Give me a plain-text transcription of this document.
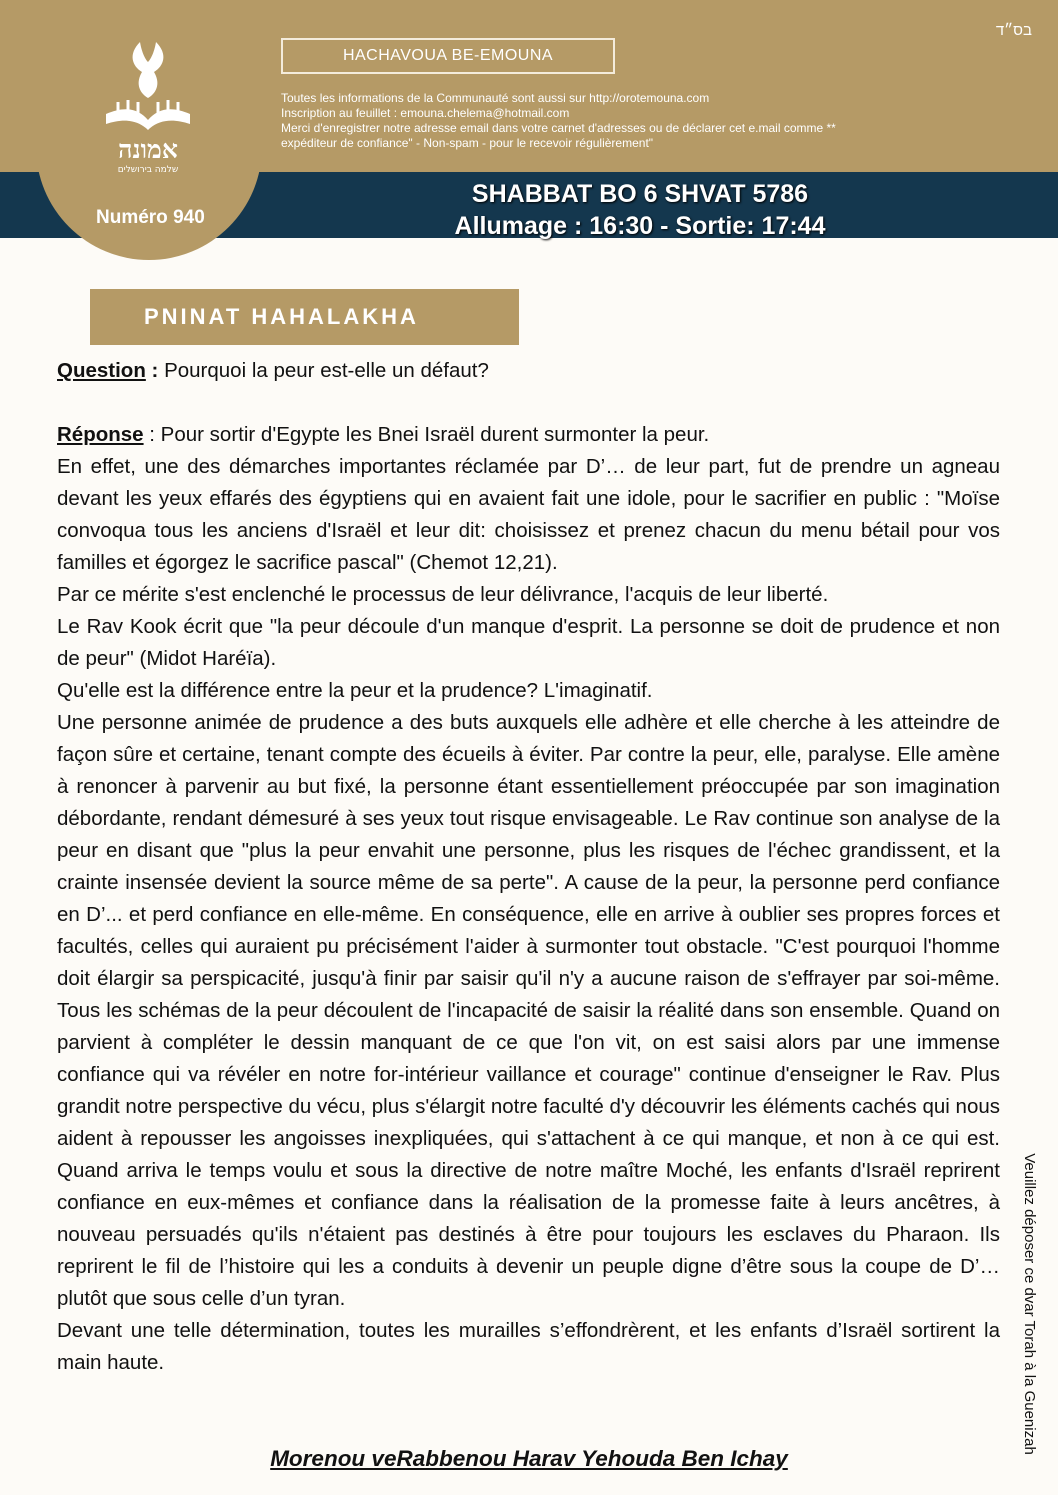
אמונה
שלמה בירושלים
Numéro 940
בס״ד
HACHAVOUA BE-EMOUNA
Toutes les informations de la Communauté sont aussi sur http://orotemouna.com
Inscription au feuillet : emouna.chelema@hotmail.com
Merci d'enregistrer notre adresse email dans votre carnet d'adresses ou de déclarer cet e.mail comme **
expéditeur de confiance" - Non-spam - pour le recevoir régulièrement"
SHABBAT BO 6 SHVAT 5786
Allumage : 16:30 - Sortie: 17:44
PNINAT HAHALAKHA

Question : Pourquoi la peur est-elle un défaut?

Réponse : Pour sortir d'Egypte les Bnei Israël durent surmonter la peur.

En effet, une des démarches importantes réclamée par D’… de leur part, fut de prendre un agneau devant les yeux effarés des égyptiens qui en avaient fait une idole, pour le sacrifier en public : "Moïse convoqua tous les anciens d'Israël et leur dit: choisissez et prenez chacun du menu bétail pour vos familles et égorgez le sacrifice pascal" (Chemot 12,21).

Par ce mérite s'est enclenché le processus de leur délivrance, l'acquis de leur liberté.

Le Rav Kook écrit que "la peur découle d'un manque d'esprit. La personne se doit de prudence et non de peur" (Midot Haréïa).

Qu'elle est la différence entre la peur et la prudence? L'imaginatif.

Une personne animée de prudence a des buts auxquels elle adhère et elle cherche à les atteindre de façon sûre et certaine, tenant compte des écueils à éviter. Par contre la peur, elle, paralyse. Elle amène à renoncer à parvenir au but fixé, la personne étant essentiellement préoccupée par son imagination débordante, rendant démesuré à ses yeux tout risque envisageable. Le Rav continue son analyse de la peur en disant que "plus la peur envahit une personne, plus les risques de l'échec grandissent, et la crainte insensée devient la source même de sa perte". A cause de la peur, la personne perd confiance en D’... et perd confiance en elle-même. En conséquence, elle en arrive à oublier ses propres forces et facultés, celles qui auraient pu précisément l'aider à surmonter tout obstacle. "C'est pourquoi l'homme doit élargir sa perspicacité, jusqu'à finir par saisir qu'il n'y a aucune raison de s'effrayer par soi-même. Tous les schémas de la peur découlent de l'incapacité de saisir la réalité dans son ensemble. Quand on parvient à compléter le dessin manquant de ce que l'on vit, on est saisi alors par une immense confiance qui va révéler en notre for-intérieur vaillance et courage" continue d'enseigner le Rav. Plus grandit notre perspective du vécu, plus s'élargit notre faculté d'y découvrir les éléments cachés qui nous aident à repousser les angoisses inexpliquées, qui s'attachent à ce qui manque, et non à ce qui est. Quand arriva le temps voulu et sous la directive de notre maître Moché, les enfants d'Israël reprirent confiance en eux-mêmes et confiance dans la réalisation de la promesse faite à leurs ancêtres, à nouveau persuadés qu'ils n'étaient pas destinés à être pour toujours les esclaves du Pharaon. Ils reprirent le fil de l’histoire qui les a conduits à devenir un peuple digne d’être sous la coupe de D’… plutôt que sous celle d’un tyran.

Devant une telle détermination, toutes les murailles s’effondrèrent, et les enfants d’Israël sortirent la main haute.

Morenou veRabbenou Harav Yehouda Ben Ichay
Veuillez déposer ce dvar Torah à la Guenizah
